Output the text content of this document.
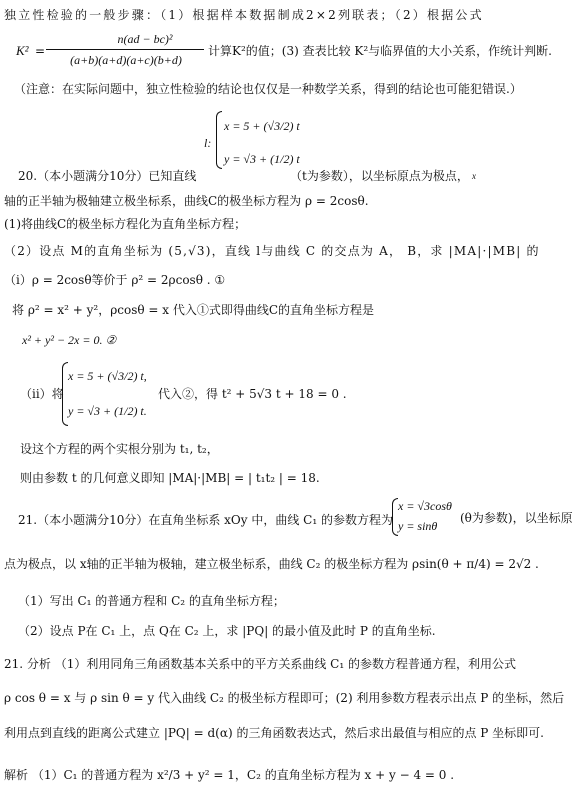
独立性检验的一般步骤：（1）根据样本数据制成2×2列联表；（2）根据公式
K² =
n(ad − bc)²
(a+b)(a+d)(a+c)(b+d)
计算K²的值；(3) 查表比较 K²与临界值的大小关系，作统计判断.
（注意：在实际问题中，独立性检验的结论也仅仅是一种数学关系，得到的结论也可能犯错误.）
l:
x = 5 + (√3/2) t
y = √3 + (1/2) t
20.（本小题满分10分）已知直线	（t为参数），以坐标原点为极点， x
轴的正半轴为极轴建立极坐标系，曲线C的极坐标方程为 ρ = 2cosθ.
(1)将曲线C的极坐标方程化为直角坐标方程；
（2）设点 M的直角坐标为 (5,√3)，直线 l与曲线 C 的交点为 A， B，求 |MA|·|MB| 的
（i）ρ = 2cosθ等价于 ρ² = 2ρcosθ . ①
将 ρ² = x² + y²，ρcosθ = x 代入①式即得曲线C的直角坐标方程是
x² + y² − 2x = 0. ②
（ii）将
x = 5 + (√3/2) t,
y = √3 + (1/2) t.
代入②，得 t² + 5√3 t + 18 = 0 .
设这个方程的两个实根分别为 t₁, t₂，
则由参数 t 的几何意义即知 |MA|·|MB| = | t₁t₂ | = 18.
21.（本小题满分10分）在直角坐标系 xOy 中，曲线 C₁ 的参数方程为
x = √3cosθ
y = sinθ
(θ为参数)，以坐标原
点为极点，以 x轴的正半轴为极轴，建立极坐标系，曲线 C₂ 的极坐标方程为 ρsin(θ + π/4) = 2√2 .
（1）写出 C₁ 的普通方程和 C₂ 的直角坐标方程；
（2）设点 P在 C₁ 上，点 Q在 C₂ 上，求 |PQ| 的最小值及此时 P 的直角坐标.
21. 分析 （1）利用同角三角函数基本关系中的平方关系曲线 C₁ 的参数方程普通方程，利用公式
ρ cos θ = x 与 ρ sin θ = y 代入曲线 C₂ 的极坐标方程即可；(2) 利用参数方程表示出点 P 的坐标，然后
利用点到直线的距离公式建立 |PQ| = d(α) 的三角函数表达式，然后求出最值与相应的点 P 坐标即可.
解析 （1）C₁ 的普通方程为 x²/3 + y² = 1，C₂ 的直角坐标方程为 x + y − 4 = 0 .
